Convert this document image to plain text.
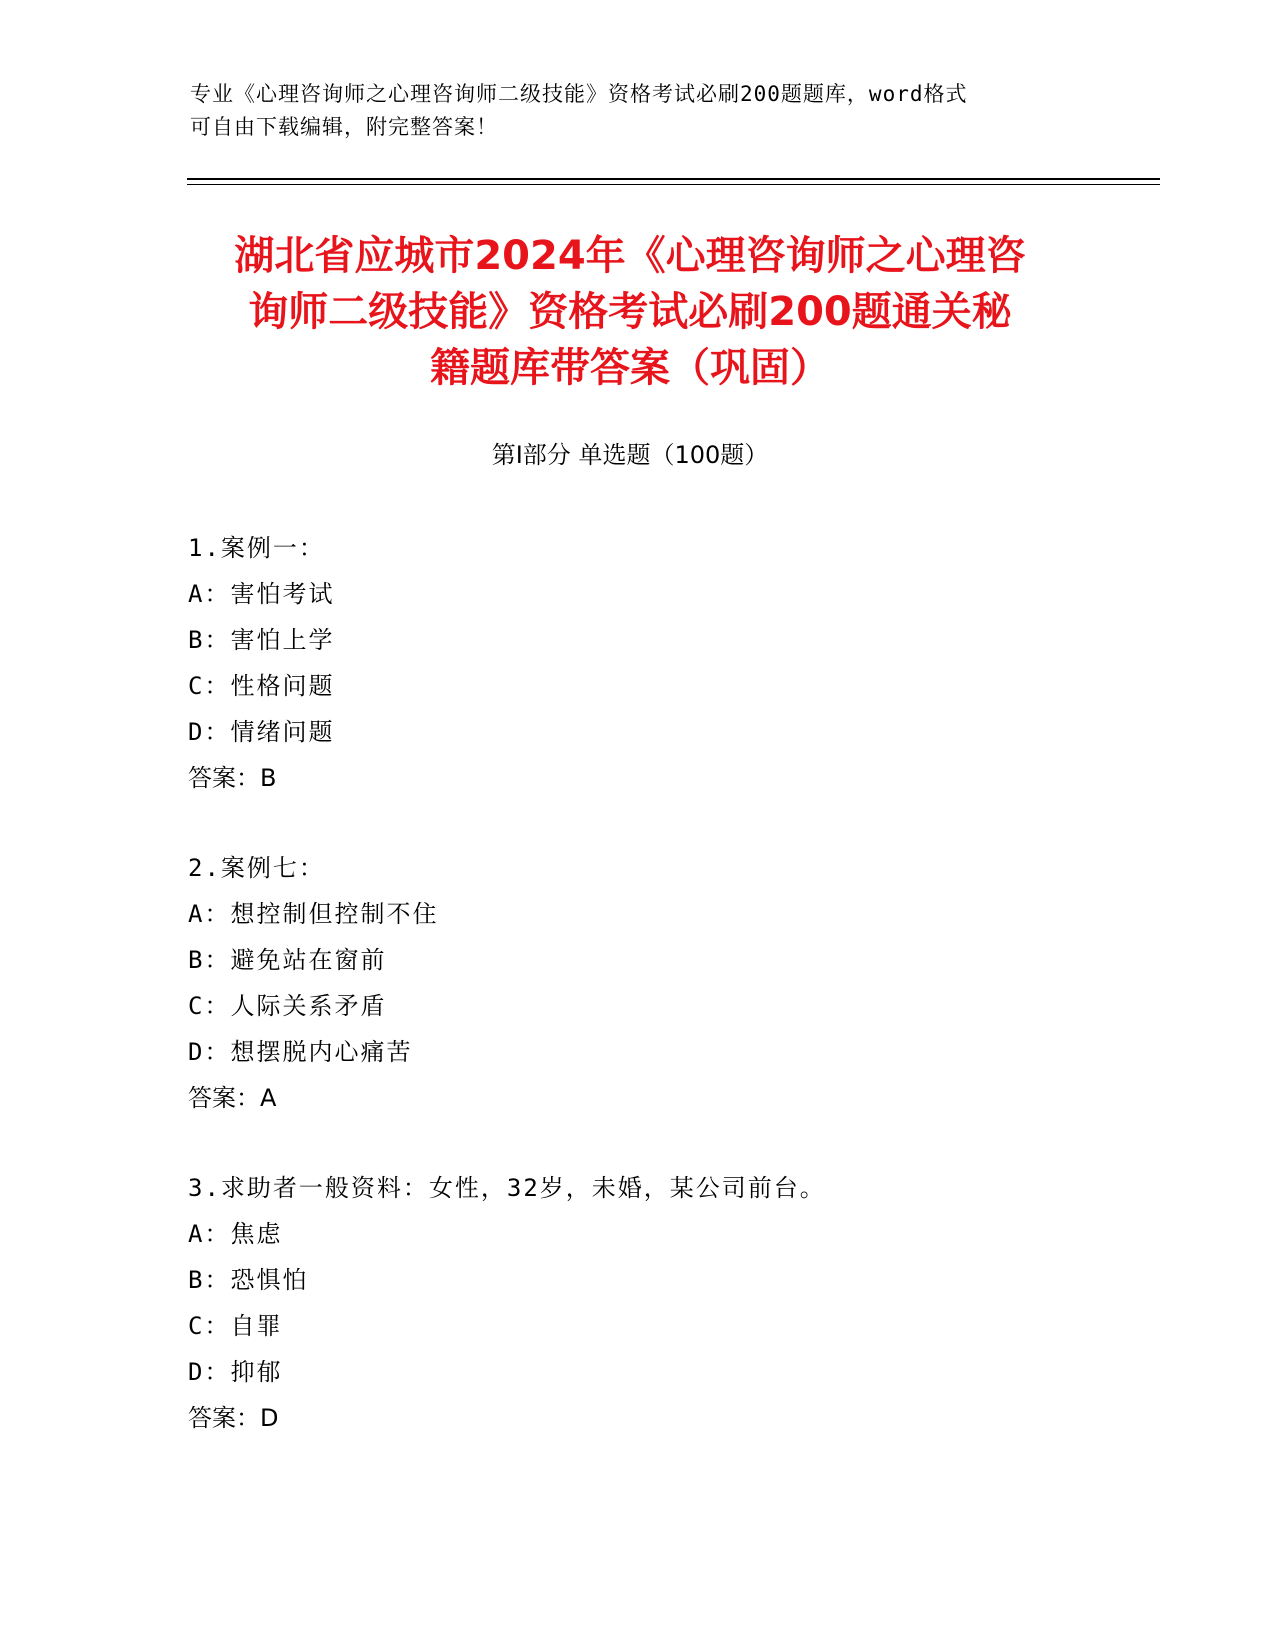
专业《心理咨询师之心理咨询师二级技能》资格考试必刷200题题库，word格式
可自由下载编辑，附完整答案！
湖北省应城市2024年《心理咨询师之心理咨
询师二级技能》资格考试必刷200题通关秘
籍题库带答案（巩固）
第Ⅰ部分 单选题（100题）
1.案例一：
A：害怕考试
B：害怕上学
C：性格问题
D：情绪问题
答案：B
2.案例七：
A：想控制但控制不住
B：避免站在窗前
C：人际关系矛盾
D：想摆脱内心痛苦
答案：A
3.求助者一般资料：女性，32岁，未婚，某公司前台。
A：焦虑
B：恐惧怕
C：自罪
D：抑郁
答案：D
